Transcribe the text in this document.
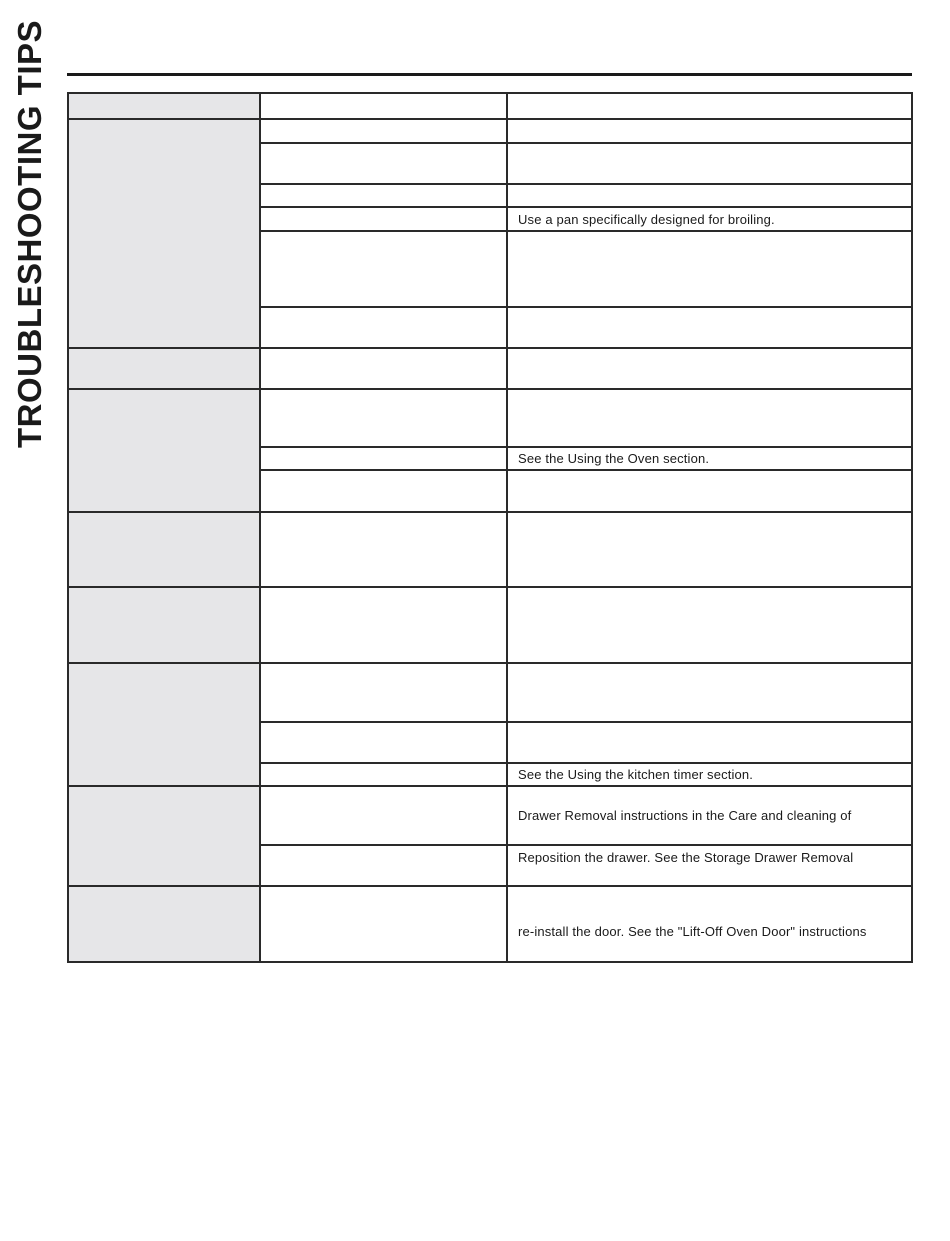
TROUBLESHOOTING TIPS

		Use a pan specifically designed for broiling.

		See the Using the Oven section.

		See the Using the kitchen timer section.
		Drawer Removal instructions in the Care and cleaning of
		Reposition the drawer. See the Storage Drawer Removal
		re-install the door. See the "Lift-Off Oven Door" instructions
